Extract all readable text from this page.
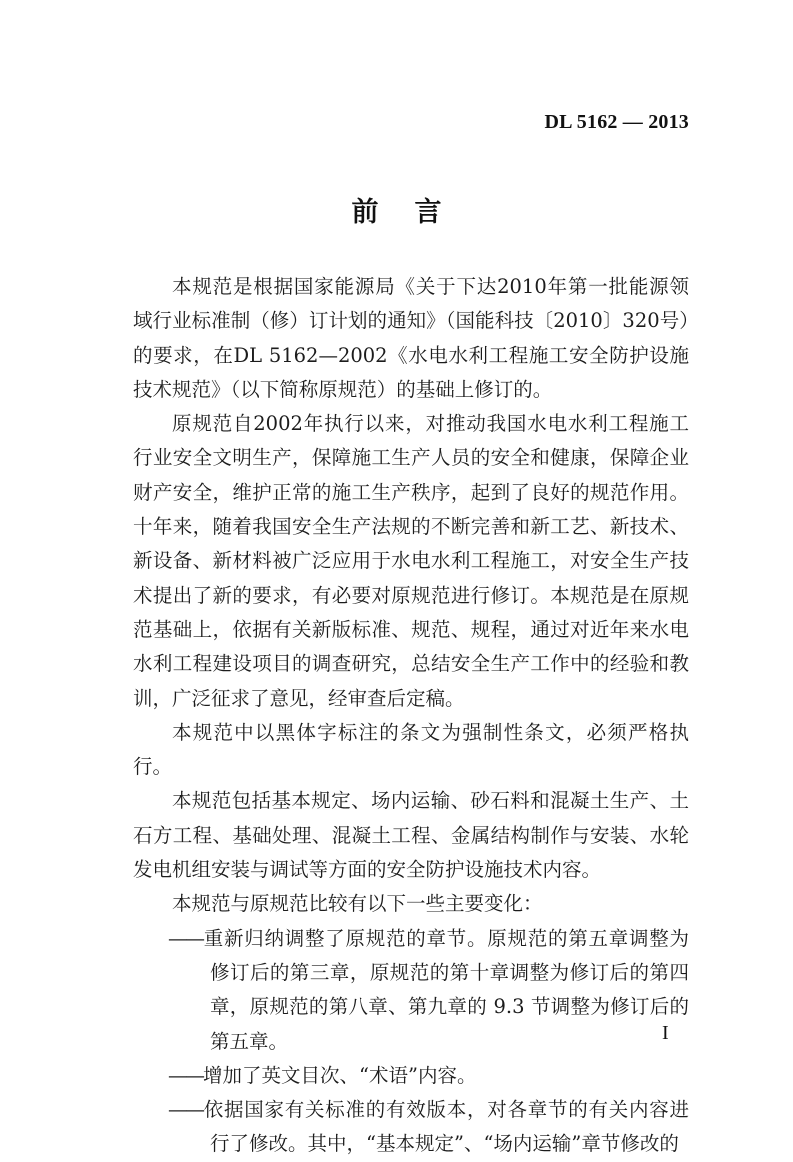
DL 5162 — 2013
前言

本规范是根据国家能源局《关于下达2010年第一批能源领域行业标准制（修）订计划的通知》（国能科技〔2010〕320号）的要求，在DL 5162—2002《水电水利工程施工安全防护设施技术规范》（以下简称原规范）的基础上修订的。

原规范自2002年执行以来，对推动我国水电水利工程施工行业安全文明生产，保障施工生产人员的安全和健康，保障企业财产安全，维护正常的施工生产秩序，起到了良好的规范作用。十年来，随着我国安全生产法规的不断完善和新工艺、新技术、新设备、新材料被广泛应用于水电水利工程施工，对安全生产技术提出了新的要求，有必要对原规范进行修订。本规范是在原规范基础上，依据有关新版标准、规范、规程，通过对近年来水电水利工程建设项目的调查研究，总结安全生产工作中的经验和教训，广泛征求了意见，经审查后定稿。

本规范中以黑体字标注的条文为强制性条文，必须严格执行。

本规范包括基本规定、场内运输、砂石料和混凝土生产、土石方工程、基础处理、混凝土工程、金属结构制作与安装、水轮发电机组安装与调试等方面的安全防护设施技术内容。

本规范与原规范比较有以下一些主要变化：

——重新归纳调整了原规范的章节。原规范的第五章调整为修订后的第三章，原规范的第十章调整为修订后的第四章，原规范的第八章、第九章的 9.3 节调整为修订后的第五章。

——增加了英文目次、“术语”内容。

——依据国家有关标准的有效版本，对各章节的有关内容进行了修改。其中，“基本规定”、“场内运输”章节修改的

I
